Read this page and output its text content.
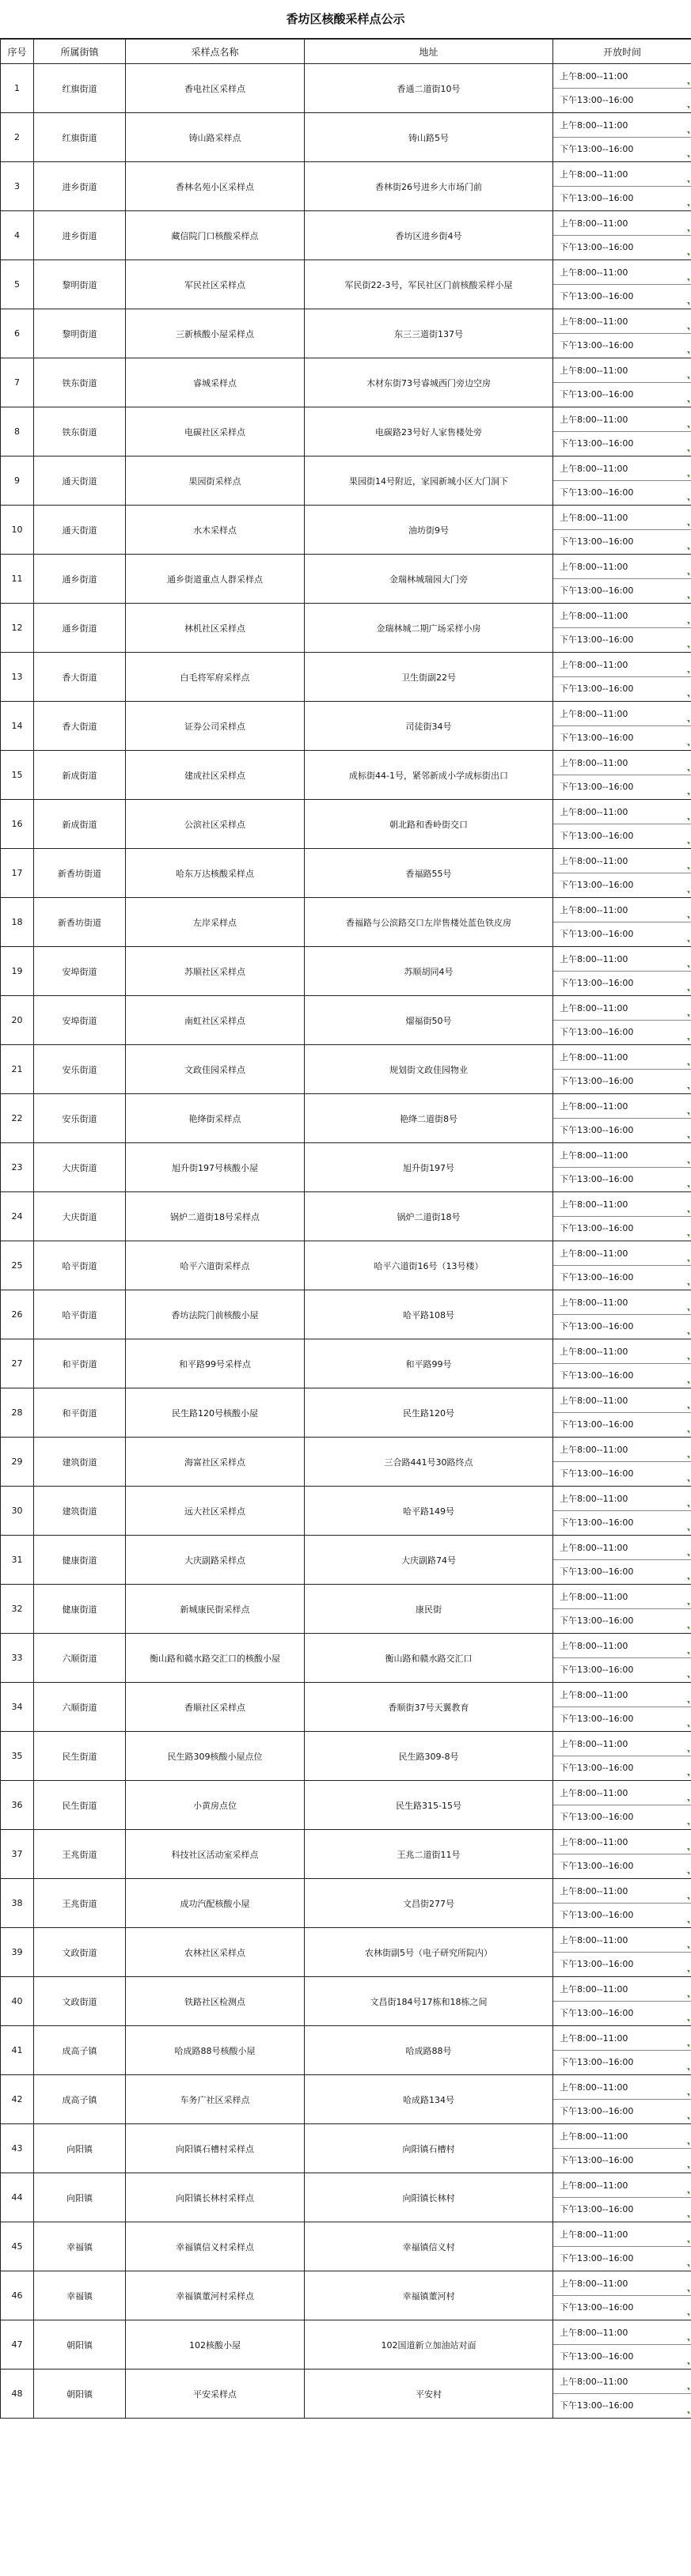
香坊区核酸采样点公示
序号	所属街镇	采样点名称	地址	开放时间
1	红旗街道	香电社区采样点	香通二道街10号	上午8:00--11:00
下午13:00--16:00

2	红旗街道	铸山路采样点	铸山路5号	上午8:00--11:00
下午13:00--16:00

3	进乡街道	香林名苑小区采样点	香林街26号进乡大市场门前	上午8:00--11:00
下午13:00--16:00

4	进乡街道	藏信院门口核酸采样点	香坊区进乡街4号	上午8:00--11:00
下午13:00--16:00

5	黎明街道	军民社区采样点	军民街22-3号，军民社区门前核酸采样小屋	上午8:00--11:00
下午13:00--16:00

6	黎明街道	三新核酸小屋采样点	东三三道街137号	上午8:00--11:00
下午13:00--16:00

7	铁东街道	睿城采样点	木材东街73号睿城西门旁边空房	上午8:00--11:00
下午13:00--16:00

8	铁东街道	电碳社区采样点	电碳路23号好人家售楼处旁	上午8:00--11:00
下午13:00--16:00

9	通天街道	果园街采样点	果园街14号附近，家园新城小区大门洞下	上午8:00--11:00
下午13:00--16:00

10	通天街道	水木采样点	油坊街9号	上午8:00--11:00
下午13:00--16:00

11	通乡街道	通乡街道重点人群采样点	金瑞林城瑞园大门旁	上午8:00--11:00
下午13:00--16:00

12	通乡街道	林机社区采样点	金瑞林城二期广场采样小房	上午8:00--11:00
下午13:00--16:00

13	香大街道	白毛将军府采样点	卫生街副22号	上午8:00--11:00
下午13:00--16:00

14	香大街道	证券公司采样点	司徒街34号	上午8:00--11:00
下午13:00--16:00

15	新成街道	建成社区采样点	成标街44-1号，紧邻新成小学成标街出口	上午8:00--11:00
下午13:00--16:00

16	新成街道	公滨社区采样点	朝北路和香岭街交口	上午8:00--11:00
下午13:00--16:00

17	新香坊街道	哈东万达核酸采样点	香福路55号	上午8:00--11:00
下午13:00--16:00

18	新香坊街道	左岸采样点	香福路与公滨路交口左岸售楼处蓝色铁皮房	上午8:00--11:00
下午13:00--16:00

19	安埠街道	苏顺社区采样点	苏顺胡同4号	上午8:00--11:00
下午13:00--16:00

20	安埠街道	南虹社区采样点	熘福街50号	上午8:00--11:00
下午13:00--16:00

21	安乐街道	文政佳园采样点	规划街文政佳园物业	上午8:00--11:00
下午13:00--16:00

22	安乐街道	艳绛街采样点	艳绛二道街8号	上午8:00--11:00
下午13:00--16:00

23	大庆街道	旭升街197号核酸小屋	旭升街197号	上午8:00--11:00
下午13:00--16:00

24	大庆街道	锅炉二道街18号采样点	锅炉二道街18号	上午8:00--11:00
下午13:00--16:00

25	哈平街道	哈平六道街采样点	哈平六道街16号（13号楼）	上午8:00--11:00
下午13:00--16:00

26	哈平街道	香坊法院门前核酸小屋	哈平路108号	上午8:00--11:00
下午13:00--16:00

27	和平街道	和平路99号采样点	和平路99号	上午8:00--11:00
下午13:00--16:00

28	和平街道	民生路120号核酸小屋	民生路120号	上午8:00--11:00
下午13:00--16:00

29	建筑街道	海富社区采样点	三合路441号30路终点	上午8:00--11:00
下午13:00--16:00

30	建筑街道	远大社区采样点	哈平路149号	上午8:00--11:00
下午13:00--16:00

31	健康街道	大庆副路采样点	大庆副路74号	上午8:00--11:00
下午13:00--16:00

32	健康街道	新城康民街采样点	康民街	上午8:00--11:00
下午13:00--16:00

33	六顺街道	衡山路和赣水路交汇口的核酸小屋	衡山路和赣水路交汇口	上午8:00--11:00
下午13:00--16:00

34	六顺街道	香顺社区采样点	香顺街37号天翼教育	上午8:00--11:00
下午13:00--16:00

35	民生街道	民生路309核酸小屋点位	民生路309-8号	上午8:00--11:00
下午13:00--16:00

36	民生街道	小黄房点位	民生路315-15号	上午8:00--11:00
下午13:00--16:00

37	王兆街道	科技社区活动室采样点	王兆二道街11号	上午8:00--11:00
下午13:00--16:00

38	王兆街道	成功汽配核酸小屋	文昌街277号	上午8:00--11:00
下午13:00--16:00

39	文政街道	农林社区采样点	农林街副5号（电子研究所院内）	上午8:00--11:00
下午13:00--16:00

40	文政街道	铁路社区检测点	文昌街184号17栋和18栋之间	上午8:00--11:00
下午13:00--16:00

41	成高子镇	哈成路88号核酸小屋	哈成路88号	上午8:00--11:00
下午13:00--16:00

42	成高子镇	车务广社区采样点	哈成路134号	上午8:00--11:00
下午13:00--16:00

43	向阳镇	向阳镇石槽村采样点	向阳镇石槽村	上午8:00--11:00
下午13:00--16:00

44	向阳镇	向阳镇长林村采样点	向阳镇长林村	上午8:00--11:00
下午13:00--16:00

45	幸福镇	幸福镇信义村采样点	幸福镇信义村	上午8:00--11:00
下午13:00--16:00

46	幸福镇	幸福镇董河村采样点	幸福镇董河村	上午8:00--11:00
下午13:00--16:00

47	朝阳镇	102核酸小屋	102国道新立加油站对面	上午8:00--11:00
下午13:00--16:00

48	朝阳镇	平安采样点	平安村	上午8:00--11:00
下午13:00--16:00
